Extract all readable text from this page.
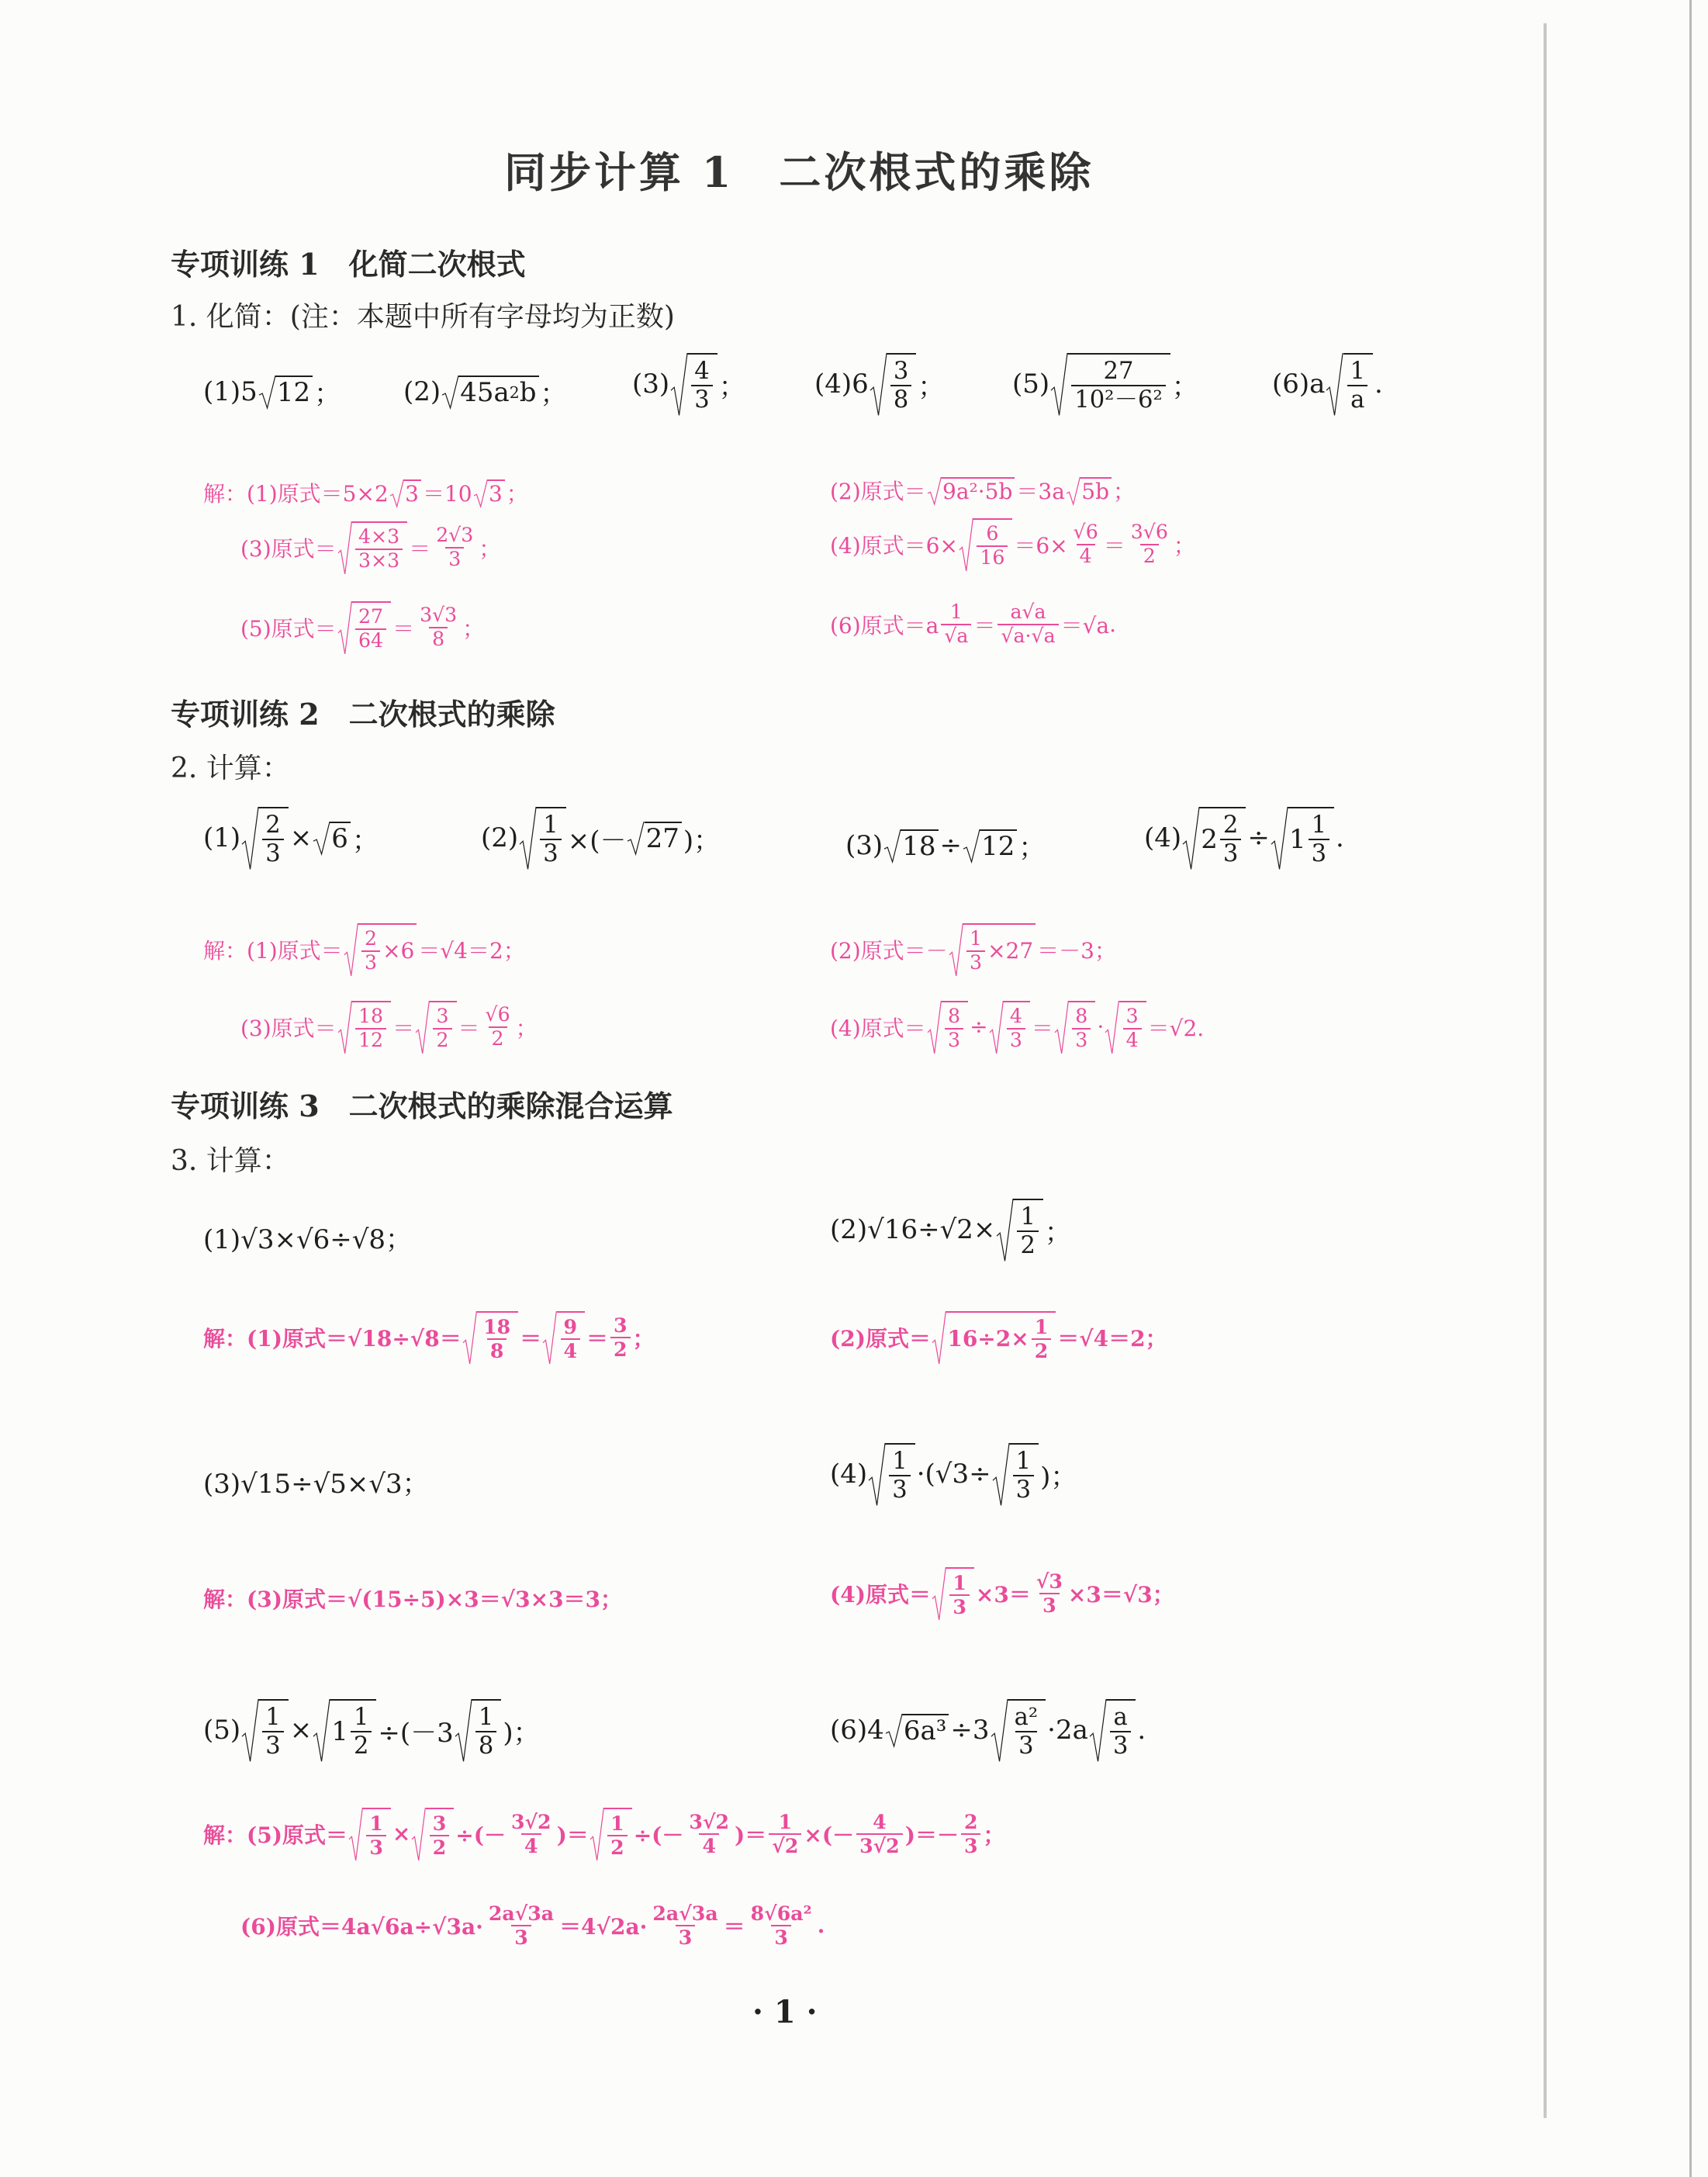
同步计算 1　二次根式的乘除
专项训练 1　化简二次根式
1. 化简：(注：本题中所有字母均为正数)
(1)5 12 ； (2) 45a 2 b ； $(3) \frac{4}{3}$ ；	$(4)6 \frac{3}{8}$ ；	$(5) \frac{27}{\text{10²－6²}}$ ；	$(6)a \frac{1}{a}$ .
解：(1)原式＝5×2 3 ＝10 3 ；	(2)原式＝ 9a²·5b ＝3a 5b ；
(3)原式＝ $\frac{4\times 3}{3\times 3} = \frac{2√3}{3}$ ；	(4)原式$=6\times \frac{6}{16} =6\times \frac{√6}{4} = \frac{3√6}{2}$ ；
(5)原式＝ $\frac{27}{64} = \frac{3√3}{8}$ ；	(6)原式$=a \frac{1}{√a} = \frac{a√a}{√a\cdot√a} =√a$ .
专项训练 2　二次根式的乘除
2. 计算：
$(1) \frac{2}{3} \times 6$ ；	$(2) \frac{1}{3}$ ×(－ 27 )；	(3) 18 ÷ 12 ；	(4) $2 \frac{2}{3} \div 1 \frac{1}{3}$ .
解：(1)原式＝ $\frac{2}{3} \times 6 =√4=2$；	(2)原式＝－ $\frac{1}{3} \times 27 =-3$；
(3)原式＝ $\frac{18}{12} = \frac{3}{2} = \frac{√6}{2}$ ；	(4)原式＝ $\frac{8}{3} \div \frac{4}{3} = \frac{8}{3} \cdot \frac{3}{4} =√2$.
专项训练 3　二次根式的乘除混合运算
3. 计算：
(1)√3×√6÷√8；	$(2)√16\div√2\times \frac{1}{2}$ ；
解：(1)原式$=√18\div√8= \frac{18}{8} = \frac{9}{4} = \frac{3}{2}$ ；	(2)原式＝ $16\div 2\times \frac{1}{2} =√4=2$；
(3)√15÷√5×√3；	$(4) \frac{1}{3} \cdot(√3\div \frac{1}{3}$ )；
解：(3)原式＝√(15÷5)×3＝√3×3＝3；	(4)原式＝ $\frac{1}{3} \times 3= \frac{√3}{3} \times 3=√3$；
$(5) \frac{1}{3} \times 1 \frac{1}{2} \div(-3 \frac{1}{8}$ )；	(6)4 $6a^3 \div 3 \frac{\text{a²}}{3} \cdot 2a \frac{a}{3}$ .
解：(5)原式＝ $\frac{1}{3} \times \frac{3}{2}$ ÷(－ $\frac{3√2}{4}$ )＝ $\frac{1}{2}$ ÷(－ $\frac{3√2}{4}$ )＝ $\frac{1}{√2}$ ×(－ $\frac{4}{3√2}$ )＝－ $\frac{2}{3}$ ；
(6)原式$=4a√6a\div√3a\cdot \frac{2a√3a}{3} =4√2a\cdot \frac{2a√3a}{3} = \frac{\text{8√6a²}}{3}$ .
· 1 ·
